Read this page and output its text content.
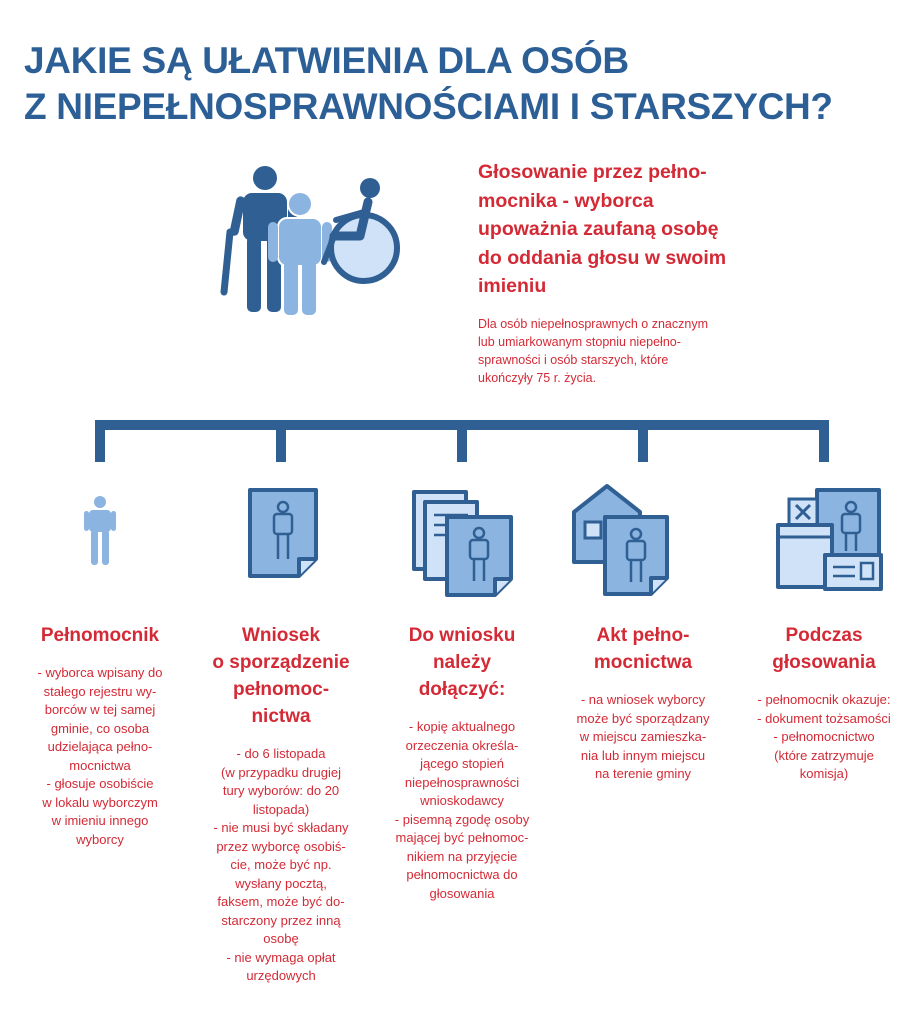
JAKIE SĄ UŁATWIENIA DLA OSÓB
Z NIEPEŁNOSPRAWNOŚCIAMI I STARSZYCH?
Głosowanie przez pełno-
mocnika - wyborca
upoważnia zaufaną osobę
do oddania głosu w swoim
imieniu
Dla osób niepełnosprawnych o znacznym
lub umiarkowanym stopniu niepełno-
sprawności i osób starszych, które
ukończyły 75 r. życia.
Pełnomocnik
- wyborca wpisany do
stałego rejestru wy-
borców w tej samej
gminie, co osoba
udzielająca pełno-
mocnictwa
- głosuje osobiście
w lokalu wyborczym
w imieniu innego
wyborcy
Wniosek
o sporządzenie
pełnomoc-
nictwa
- do 6 listopada
(w przypadku drugiej
tury wyborów: do 20
listopada)
- nie musi być składany
przez wyborcę osobiś-
cie, może być np.
wysłany pocztą,
faksem, może być do-
starczony przez inną
osobę
- nie wymaga opłat
urzędowych
Do wniosku
należy
dołączyć:
- kopię aktualnego
orzeczenia określa-
jącego stopień
niepełnosprawności
wnioskodawcy
- pisemną zgodę osoby
mającej być pełnomoc-
nikiem na przyjęcie
pełnomocnictwa do
głosowania
Akt pełno-
mocnictwa
- na wniosek wyborcy
może być sporządzany
w miejscu zamieszka-
nia lub innym miejscu
na terenie gminy
Podczas
głosowania
- pełnomocnik okazuje:
- dokument tożsamości
- pełnomocnictwo
(które zatrzymuje
komisja)
